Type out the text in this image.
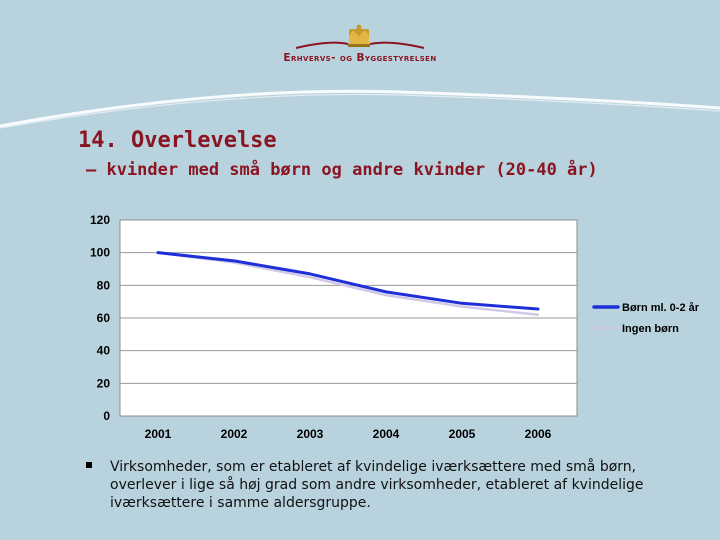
Erhvervs- og Byggestyrelsen
14. Overlevelse
– kvinder med små børn og andre kvinder (20-40 år)
0
20
40
60
80
100
120
2001	2002	2003	2004	2005	2006
Børn ml. 0-2 år
Ingen børn

Virksomheder, som er etableret af kvindelige iværksættere med små børn, overlever i lige så høj grad som andre virksomheder, etableret af kvindelige iværksættere i samme aldersgruppe.
